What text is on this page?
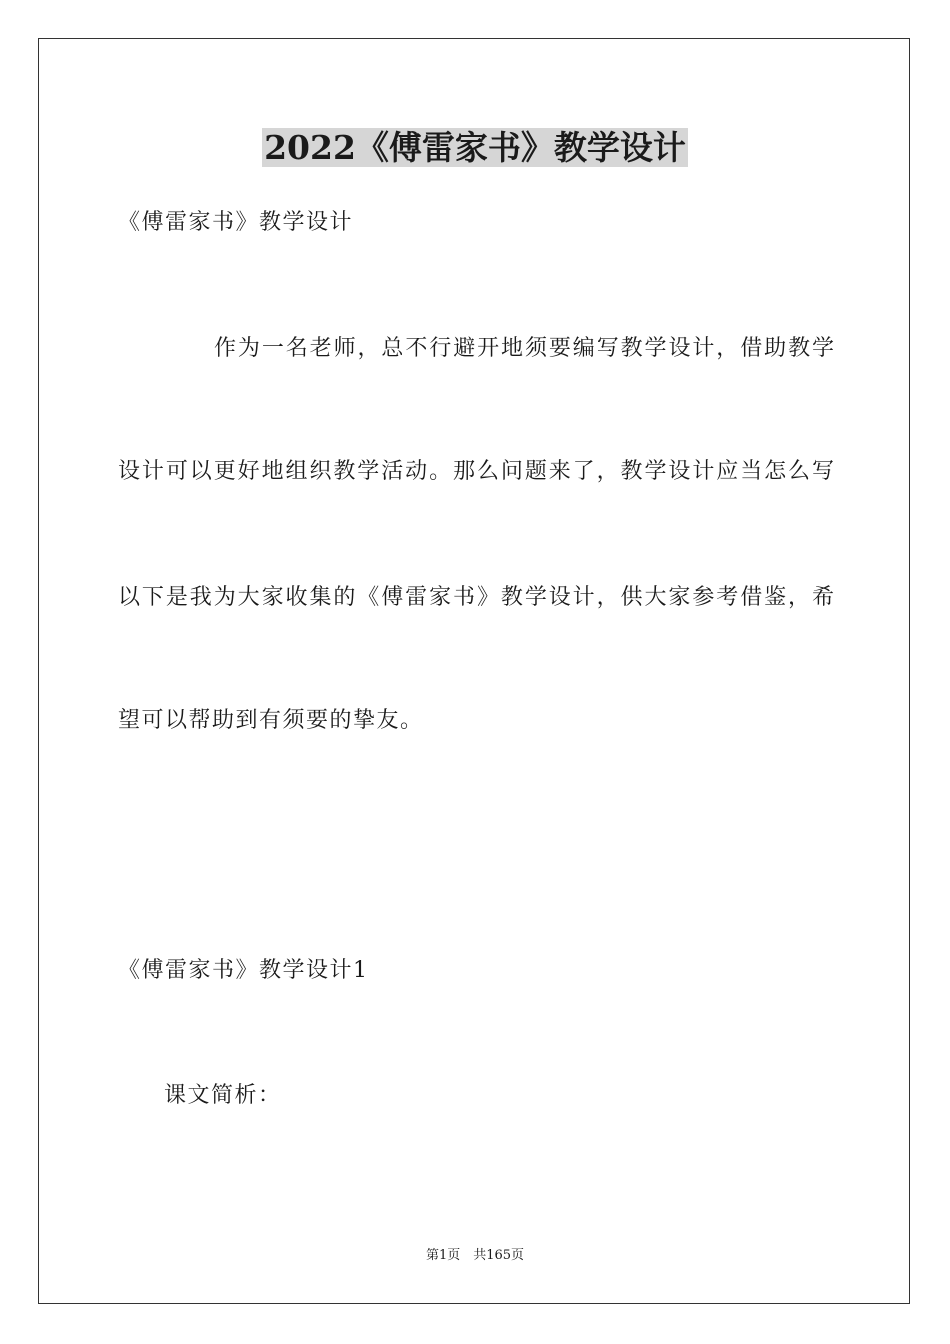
2022《傅雷家书》教学设计

《傅雷家书》教学设计

作为一名老师，总不行避开地须要编写教学设计，借助教学

设计可以更好地组织教学活动。那么问题来了，教学设计应当怎么写

以下是我为大家收集的《傅雷家书》教学设计，供大家参考借鉴，希

望可以帮助到有须要的挚友。

《傅雷家书》教学设计1

课文简析：

第1页　共165页
